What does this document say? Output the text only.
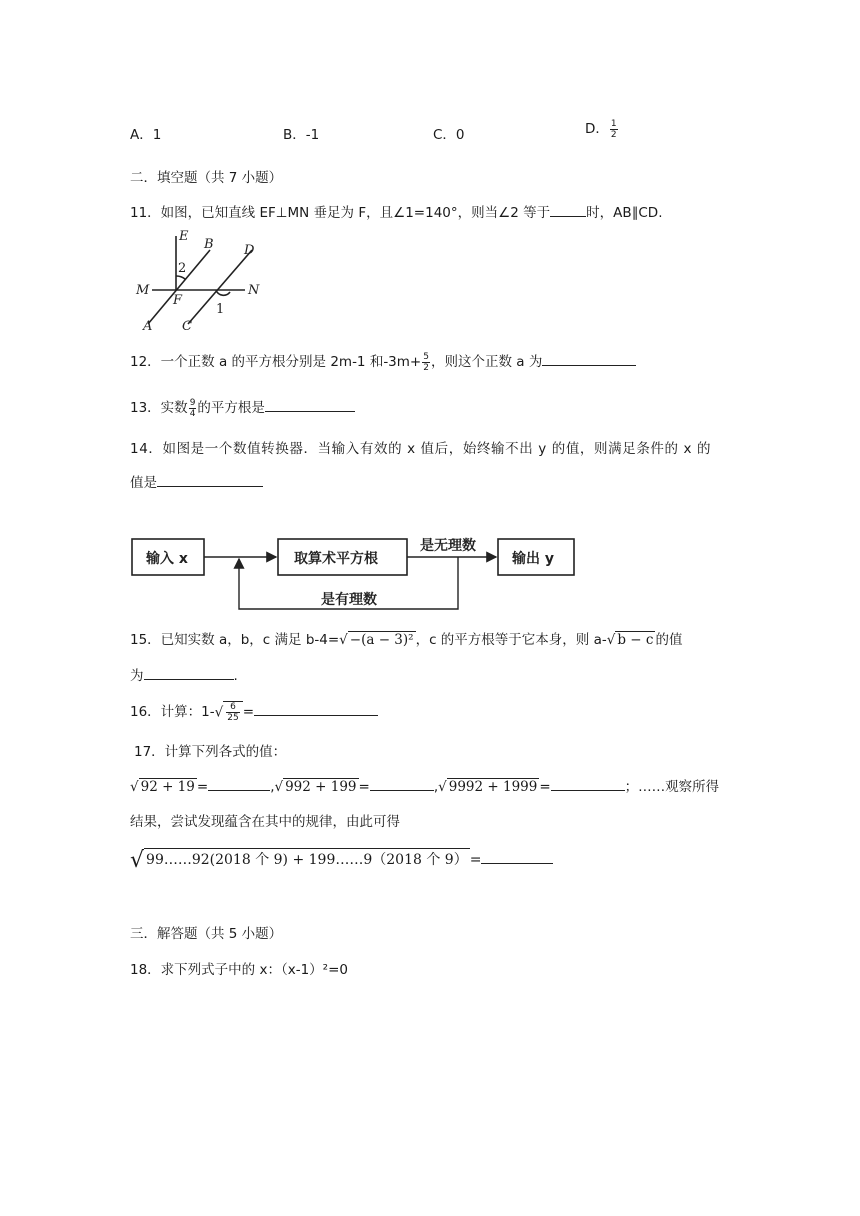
A．1	B．-1	C．0	D． $\frac{1}{2}$
二．填空题（共 7 小题）
11．如图，已知直线 EF⊥MN 垂足为 F，且∠1=140°，则当∠2 等于	时，AB∥CD.
E
B D
2
M
F
N
1
A C
12．一个正数 a 的平方根分别是 2m-1 和$-3m+ \frac{5}{2}$ ，则这个正数 a 为
13．实数 $\frac{9}{4}$ 的平方根是
14．如图是一个数值转换器．当输入有效的 x 值后，始终输不出 y 的值，则满足条件的 x 的
值是
输入 x	取算术平方根
是无理数
输出 y
是有理数
15．已知实数 a，b，c 满足 b-4=√ −(a − 3)² ，c 的平方根等于它本身，则 a-√ b − c 的值
为	.
16．计算：$1-√ \frac{6}{25}$ =
17．计算下列各式的值：
√ 92 + 19 =	,√ 992 + 199 =	,√ 9992 + 1999 =	；……观察所得
结果，尝试发现蕴含在其中的规律，由此可得
√ 99……92(2018 个 9) + 199……9（2018 个 9） =
三．解答题（共 5 小题）
18．求下列式子中的 x：（x-1）²=0
